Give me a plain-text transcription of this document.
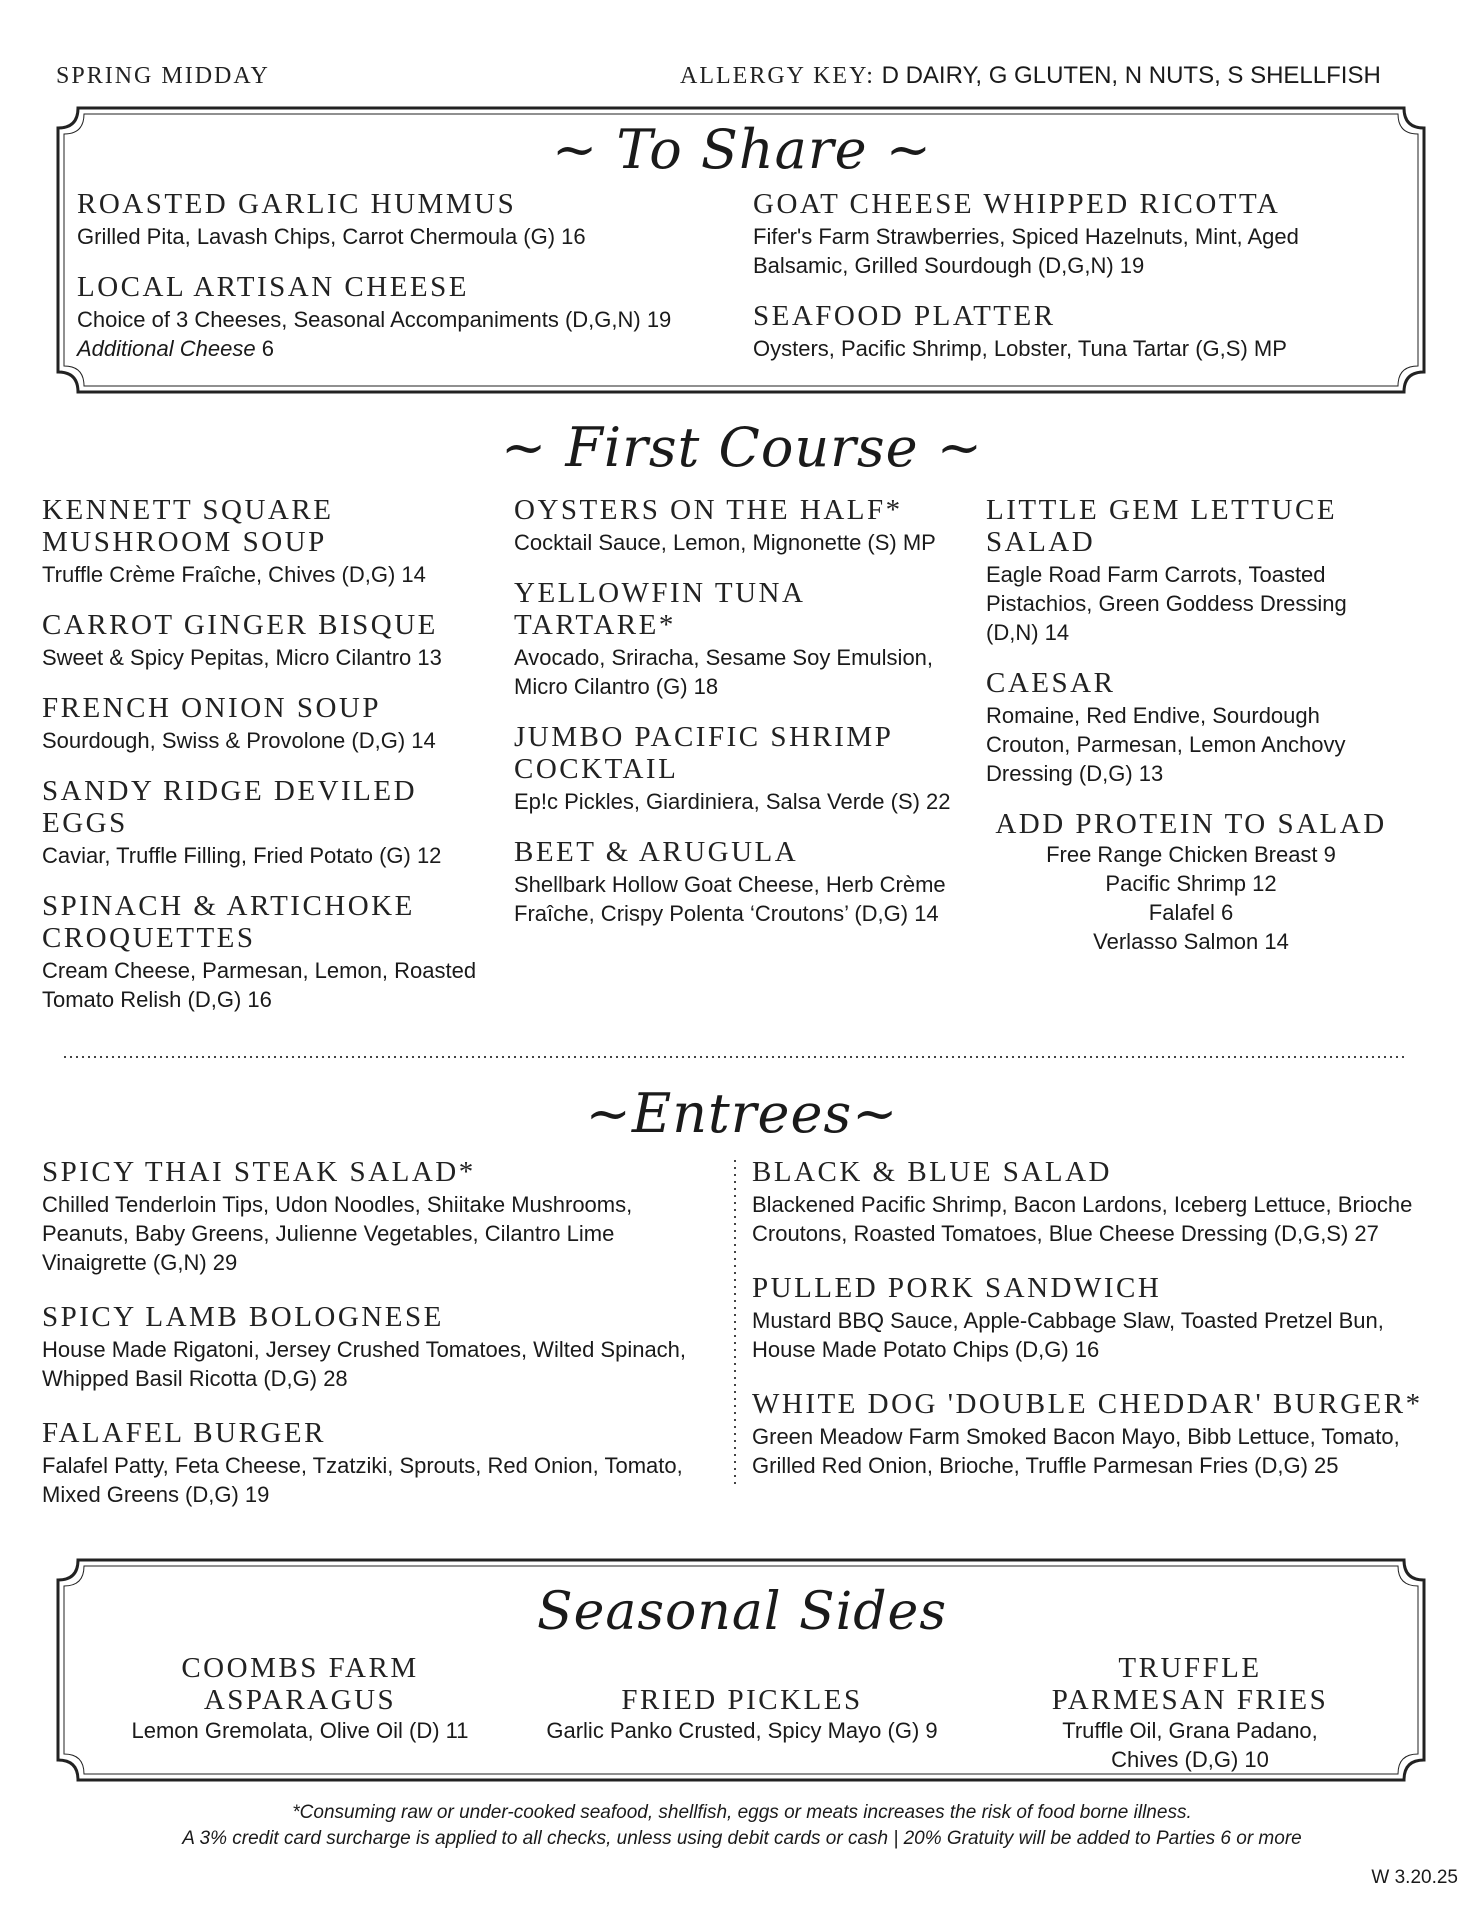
SPRING MIDDAY	ALLERGY KEY: D DAIRY, G GLUTEN, N NUTS, S SHELLFISH
~ To Share ~
ROASTED GARLIC HUMMUS
Grilled Pita, Lavash Chips, Carrot Chermoula (G) 16
LOCAL ARTISAN CHEESE
Choice of 3 Cheeses, Seasonal Accompaniments (D,G,N) 19
Additional Cheese 6
GOAT CHEESE WHIPPED RICOTTA
Fifer's Farm Strawberries, Spiced Hazelnuts, Mint, Aged Balsamic, Grilled Sourdough (D,G,N) 19
SEAFOOD PLATTER
Oysters, Pacific Shrimp, Lobster, Tuna Tartar (G,S) MP
~ First Course ~
KENNETT SQUARE MUSHROOM SOUP
Truffle Crème Fraîche, Chives (D,G) 14
CARROT GINGER BISQUE
Sweet & Spicy Pepitas, Micro Cilantro 13
FRENCH ONION SOUP
Sourdough, Swiss & Provolone (D,G) 14
SANDY RIDGE DEVILED EGGS
Caviar, Truffle Filling, Fried Potato (G) 12
SPINACH & ARTICHOKE CROQUETTES
Cream Cheese, Parmesan, Lemon, Roasted Tomato Relish (D,G) 16
OYSTERS ON THE HALF*
Cocktail Sauce, Lemon, Mignonette (S) MP
YELLOWFIN TUNA TARTARE*
Avocado, Sriracha, Sesame Soy Emulsion, Micro Cilantro (G) 18
JUMBO PACIFIC SHRIMP COCKTAIL
Ep!c Pickles, Giardiniera, Salsa Verde (S) 22
BEET & ARUGULA
Shellbark Hollow Goat Cheese, Herb Crème Fraîche, Crispy Polenta ‘Croutons’ (D,G) 14
LITTLE GEM LETTUCE SALAD
Eagle Road Farm Carrots, Toasted Pistachios, Green Goddess Dressing (D,N) 14
CAESAR
Romaine, Red Endive, Sourdough Crouton, Parmesan, Lemon Anchovy Dressing (D,G) 13
ADD PROTEIN TO SALAD
Free Range Chicken Breast 9
Pacific Shrimp 12
Falafel 6
Verlasso Salmon 14
~Entrees~
SPICY THAI STEAK SALAD*
Chilled Tenderloin Tips, Udon Noodles, Shiitake Mushrooms, Peanuts, Baby Greens, Julienne Vegetables, Cilantro Lime Vinaigrette (G,N) 29
SPICY LAMB BOLOGNESE
House Made Rigatoni, Jersey Crushed Tomatoes, Wilted Spinach, Whipped Basil Ricotta (D,G) 28
FALAFEL BURGER
Falafel Patty, Feta Cheese, Tzatziki, Sprouts, Red Onion, Tomato, Mixed Greens (D,G) 19
BLACK & BLUE SALAD
Blackened Pacific Shrimp, Bacon Lardons, Iceberg Lettuce, Brioche Croutons, Roasted Tomatoes, Blue Cheese Dressing (D,G,S) 27
PULLED PORK SANDWICH
Mustard BBQ Sauce, Apple-Cabbage Slaw, Toasted Pretzel Bun, House Made Potato Chips (D,G) 16
WHITE DOG 'DOUBLE CHEDDAR' BURGER*
Green Meadow Farm Smoked Bacon Mayo, Bibb Lettuce, Tomato, Grilled Red Onion, Brioche, Truffle Parmesan Fries (D,G) 25
Seasonal Sides
COOMBS FARM ASPARAGUS
Lemon Gremolata, Olive Oil (D) 11
FRIED PICKLES
Garlic Panko Crusted, Spicy Mayo (G) 9
TRUFFLE PARMESAN FRIES
Truffle Oil, Grana Padano, Chives (D,G) 10
*Consuming raw or under-cooked seafood, shellfish, eggs or meats increases the risk of food borne illness.
A 3% credit card surcharge is applied to all checks, unless using debit cards or cash | 20% Gratuity will be added to Parties 6 or more
W 3.20.25
